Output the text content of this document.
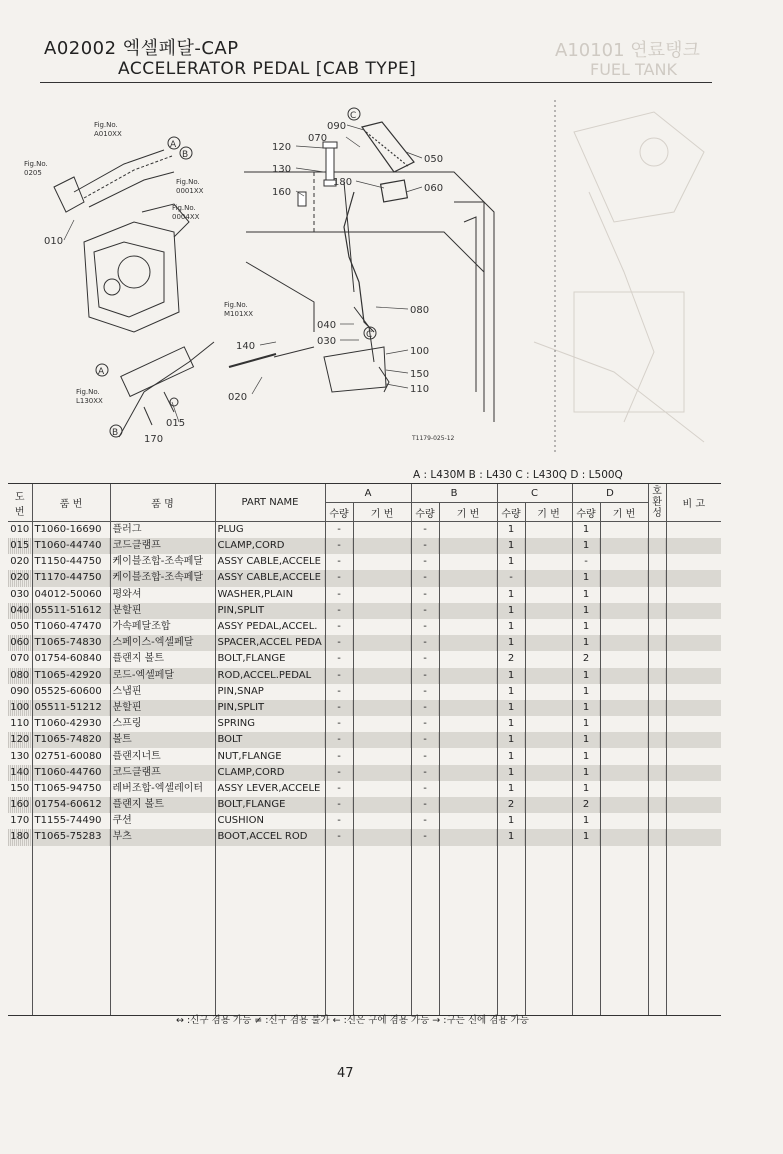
A10101 연료탱크
FUEL TANK
A02002 엑셀페달-CAP
ACCELERATOR PEDAL [CAB TYPE]
Fig.No.
A010XX
Fig.No.
0205
Fig.No.
0001XX
Fig.No.
0004XX
Fig.No.
M101XX
Fig.No.
L130XX
010
015
020
030
040
050
060
070
080
090
100
110
120
130
140
150
160
170
180
A
B
A
B
C
C
T1179-025-12
A : L430M B : L430 C : L430Q D : L500Q
도
번	품 번	품 명	PART NAME	A		B		C		D		호
환
성	비 고
				수량	기 번	수량	기 번	수량	기 번	수량	기 번		
010	T1060-16690	플러그	PLUG	-		-		1		1			
015	T1060-44740	코드클램프	CLAMP,CORD	-		-		1		1			
020	T1150-44750	케이블조합-조속페달	ASSY CABLE,ACCELE	-		-		1		-			
020	T1170-44750	케이블조합-조속페달	ASSY CABLE,ACCELE	-		-		-		1			
030	04012-50060	평와셔	WASHER,PLAIN	-		-		1		1			
040	05511-51612	분할핀	PIN,SPLIT	-		-		1		1			
050	T1060-47470	가속페달조합	ASSY PEDAL,ACCEL.	-		-		1		1			
060	T1065-74830	스페이스-엑셀페달	SPACER,ACCEL PEDA	-		-		1		1			
070	01754-60840	플랜지 볼트	BOLT,FLANGE	-		-		2		2			
080	T1065-42920	로드-엑셀페달	ROD,ACCEL.PEDAL	-		-		1		1			
090	05525-60600	스냅핀	PIN,SNAP	-		-		1		1			
100	05511-51212	분할핀	PIN,SPLIT	-		-		1		1			
110	T1060-42930	스프링	SPRING	-		-		1		1			
120	T1065-74820	볼트	BOLT	-		-		1		1			
130	02751-60080	플랜지너트	NUT,FLANGE	-		-		1		1			
140	T1060-44760	코드클램프	CLAMP,CORD	-		-		1		1			
150	T1065-94750	레버조합-엑셀레이터	ASSY LEVER,ACCELE	-		-		1		1			
160	01754-60612	플랜지 볼트	BOLT,FLANGE	-		-		2		2			
170	T1155-74490	쿠션	CUSHION	-		-		1		1			
180	T1065-75283	부츠	BOOT,ACCEL ROD	-		-		1		1			

↔ :신구 겸용 가능 ≠ :신구 겸용 불가 ← :신은 구에 겸용 가능 → :구는 신에 겸용 가능
47
